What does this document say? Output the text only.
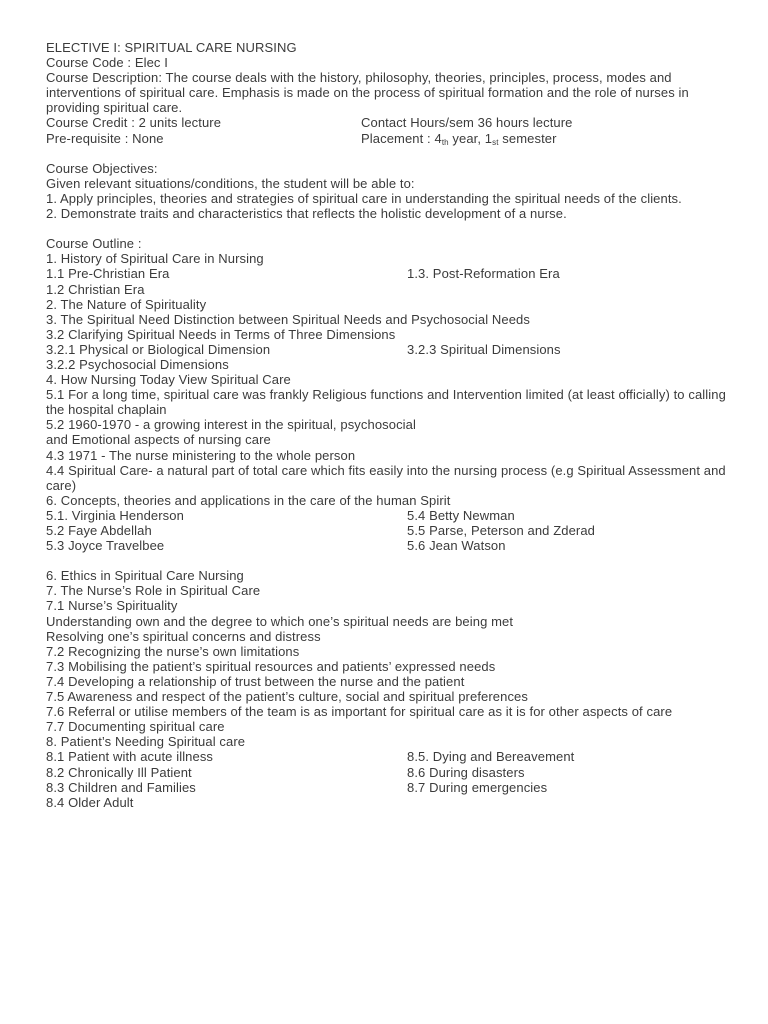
ELECTIVE I: SPIRITUAL CARE NURSING
Course Code : Elec I
Course Description: The course deals with the history, philosophy, theories, principles, process, modes and interventions of spiritual care. Emphasis is made on the process of spiritual formation and the role of nurses in providing spiritual care.
Course Credit : 2 units lecture	Contact Hours/sem 36 hours lecture
Pre-requisite : None	Placement : $4_{th}$ year, $1_{st}$ semester
Course Objectives:
Given relevant situations/conditions, the student will be able to:
1. Apply principles, theories and strategies of spiritual care in understanding the spiritual needs of the clients.
2. Demonstrate traits and characteristics that reflects the holistic development of a nurse.
Course Outline :
1. History of Spiritual Care in Nursing
1.1 Pre-Christian Era	1.3. Post-Reformation Era
1.2 Christian Era
2. The Nature of Spirituality
3. The Spiritual Need Distinction between Spiritual Needs and Psychosocial Needs
3.2 Clarifying Spiritual Needs in Terms of Three Dimensions
3.2.1 Physical or Biological Dimension	3.2.3 Spiritual Dimensions
3.2.2 Psychosocial Dimensions
4. How Nursing Today View Spiritual Care
5.1 For a long time, spiritual care was frankly Religious functions and Intervention limited (at least officially) to calling the hospital chaplain
5.2 1960-1970 - a growing interest in the spiritual, psychosocial
and Emotional aspects of nursing care
4.3 1971 - The nurse ministering to the whole person
4.4 Spiritual Care- a natural part of total care which fits easily into the nursing process (e.g Spiritual Assessment and care)
6. Concepts, theories and applications in the care of the human Spirit
5.1. Virginia Henderson	5.4 Betty Newman
5.2 Faye Abdellah	5.5 Parse, Peterson and Zderad
5.3 Joyce Travelbee	5.6 Jean Watson
6. Ethics in Spiritual Care Nursing
7. The Nurse’s Role in Spiritual Care
7.1 Nurse’s Spirituality
Understanding own and the degree to which one’s spiritual needs are being met
Resolving one’s spiritual concerns and distress
7.2 Recognizing the nurse’s own limitations
7.3 Mobilising the patient’s spiritual resources and patients’ expressed needs
7.4 Developing a relationship of trust between the nurse and the patient
7.5 Awareness and respect of the patient’s culture, social and spiritual preferences
7.6 Referral or utilise members of the team is as important for spiritual care as it is for other aspects of care
7.7 Documenting spiritual care
8. Patient’s Needing Spiritual care
8.1 Patient with acute illness	8.5. Dying and Bereavement
8.2 Chronically Ill Patient	8.6 During disasters
8.3 Children and Families	8.7 During emergencies
8.4 Older Adult
